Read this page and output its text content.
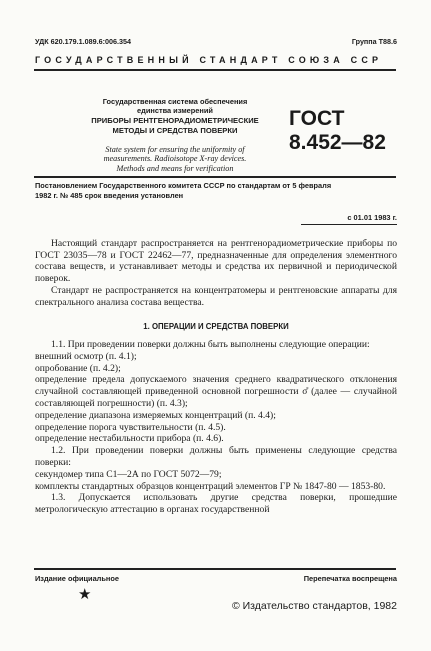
УДК 620.179.1.089.6:006.354	Группа Т88.6
ГОСУДАРСТВЕННЫЙ СТАНДАРТ СОЮЗА ССР
Государственная система обеспечения
единства измерений
ПРИБОРЫ РЕНТГЕНОРАДИОМЕТРИЧЕСКИЕ
МЕТОДЫ И СРЕДСТВА ПОВЕРКИ
State system for ensuring the uniformity of
measurements. Radioisotope X-ray devices.
Methods and means for verification
ГОСТ
8.452—82
Постановлением Государственного комитета СССР по стандартам от 5 февраля
1982 г. № 485 срок введения установлен
с 01.01 1983 г.
Настоящий стандарт распространяется на рентгенорадиометрические приборы по ГОСТ 23035—78 и ГОСТ 22462—77, предназначенные для определения элементного состава веществ, и устанавливает методы и средства их первичной и периодической поверок.
Стандарт не распространяется на концентратомеры и рентгеновские аппараты для спектрального анализа состава вещества.
1. ОПЕРАЦИИ И СРЕДСТВА ПОВЕРКИ
1.1. При проведении поверки должны быть выполнены следующие операции:
внешний осмотр (п. 4.1);
опробование (п. 4.2);
определение предела допускаемого значения среднего квадратического отклонения случайной составляющей приведенной основной погрешности σ̊ (далее — случайной составляющей погрешности) (п. 4.3);
определение диапазона измеряемых концентраций (п. 4.4);
определение порога чувствительности (п. 4.5).
определение нестабильности прибора (п. 4.6).
1.2. При проведении поверки должны быть применены следующие средства поверки:
секундомер типа С1—2А по ГОСТ 5072—79;
комплекты стандартных образцов концентраций элементов ГР № 1847-80 — 1853-80.
1.3. Допускается использовать другие средства поверки, прошедшие метрологическую аттестацию в органах государственной
Издание официальное	Перепечатка воспрещена
★
© Издательство стандартов, 1982
